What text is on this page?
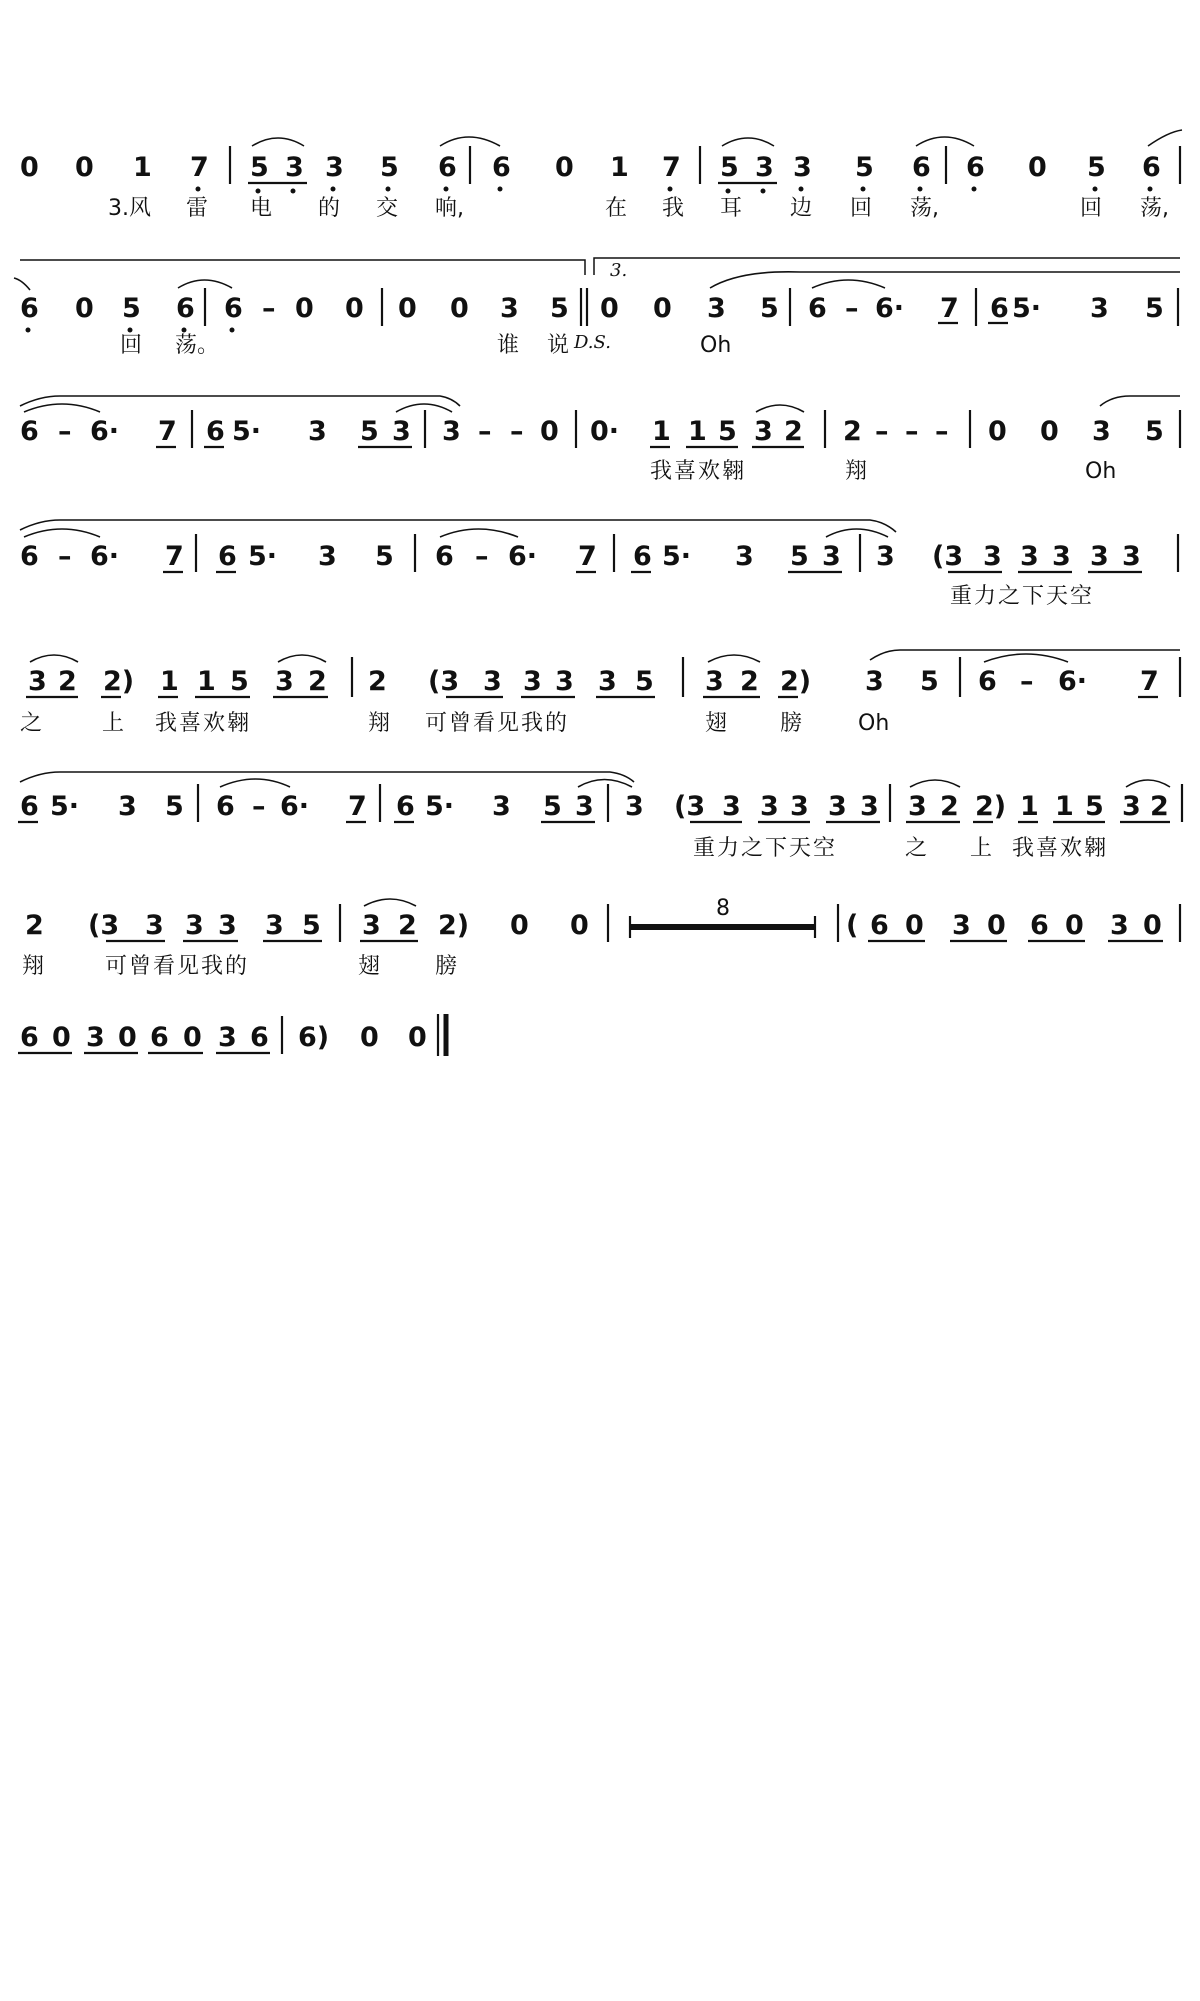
0 0 1 7 5 3 3 5 6 6 0 1 7 5 3 3 5 6 6 0 5 6
3.风 雷 电 的 交 响,	在 我 耳 边 回 荡,	回 荡,
3.
6 0 5 6 6 – 0 0 0 0 3 5 0 0 3 5 6 – 6· 7 6 5· 3 5
回 荡。	谁 说 D.S.	Oh
6 – 6· 7 6 5· 3 5 3 3 – – 0 0· 1 1 5 3 2 2 – – – 0 0 3 5
我喜欢翱	翔	Oh
6 – 6· 7 6 5· 3 5 6 – 6· 7 6 5· 3 5 3 3 (3 3 3 3 3 3
重力之下天空
3 2 2) 1 1 5 3 2 2 (3 3 3 3 3 5 3 2 2) 3 5 6 – 6· 7
之	上 我喜欢翱	翔 可曾看见我的	翅 膀	Oh
6 5· 3 5 6 – 6· 7 6 5· 3 5 3 3 (3 3 3 3 3 3 3 2 2) 1 1 5 3 2
重力之下天空	之 上 我喜欢翱
2 (3 3 3 3 3 5 3 2 2) 0 0
8
( 6 0 3 0 6 0 3 0
翔	可曾看见我的	翅 膀
6 0 3 0 6 0 3 6 6) 0 0
